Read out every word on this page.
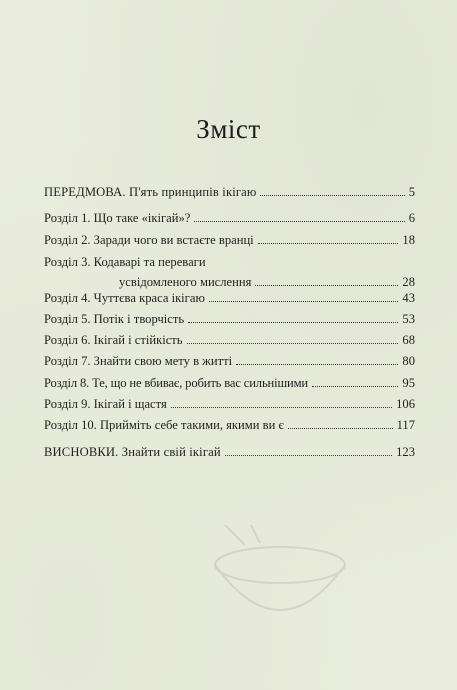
Зміст
ПЕРЕДМОВА. П'ять принципів ікігаю	5
Розділ 1. Що таке «ікігай»?	6
Розділ 2. Заради чого ви встаєте вранці	18
Розділ 3. Кодаварі та переваги
усвідомленого мислення	28
Розділ 4. Чуттєва краса ікігаю	43
Розділ 5. Потік і творчість	53
Розділ 6. Ікігай і стійкість	68
Розділ 7. Знайти свою мету в житті	80
Розділ 8. Те, що не вбиває, робить вас сильнішими	95
Розділ 9. Ікігай і щастя	106
Розділ 10. Прийміть себе такими, якими ви є	117
ВИСНОВКИ. Знайти свій ікігай	123
